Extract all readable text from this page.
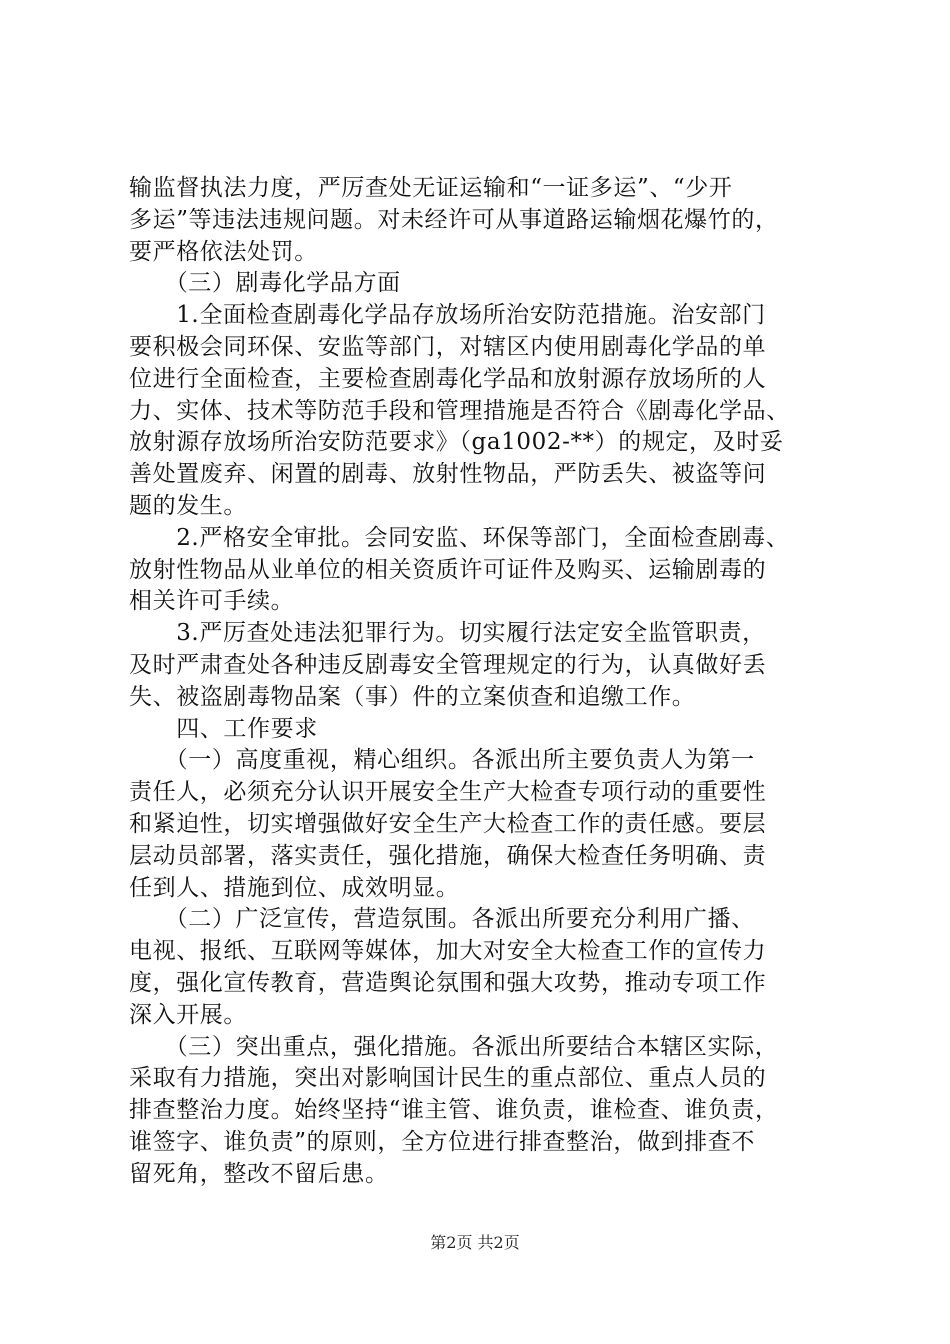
输监督执法力度，严厉查处无证运输和“一证多运”、“少开
多运”等违法违规问题。对未经许可从事道路运输烟花爆竹的，
要严格依法处罚。
　　（三）剧毒化学品方面
　　1.全面检查剧毒化学品存放场所治安防范措施。治安部门
要积极会同环保、安监等部门，对辖区内使用剧毒化学品的单
位进行全面检查，主要检查剧毒化学品和放射源存放场所的人
力、实体、技术等防范手段和管理措施是否符合《剧毒化学品、
放射源存放场所治安防范要求》（ga1002-**）的规定，及时妥
善处置废弃、闲置的剧毒、放射性物品，严防丢失、被盗等问
题的发生。
　　2.严格安全审批。会同安监、环保等部门，全面检查剧毒、
放射性物品从业单位的相关资质许可证件及购买、运输剧毒的
相关许可手续。
　　3.严厉查处违法犯罪行为。切实履行法定安全监管职责，
及时严肃查处各种违反剧毒安全管理规定的行为，认真做好丢
失、被盗剧毒物品案（事）件的立案侦查和追缴工作。
　　四、工作要求
　　（一）高度重视，精心组织。各派出所主要负责人为第一
责任人，必须充分认识开展安全生产大检查专项行动的重要性
和紧迫性，切实增强做好安全生产大检查工作的责任感。要层
层动员部署，落实责任，强化措施，确保大检查任务明确、责
任到人、措施到位、成效明显。
　　（二）广泛宣传，营造氛围。各派出所要充分利用广播、
电视、报纸、互联网等媒体，加大对安全大检查工作的宣传力
度，强化宣传教育，营造舆论氛围和强大攻势，推动专项工作
深入开展。
　　（三）突出重点，强化措施。各派出所要结合本辖区实际，
采取有力措施，突出对影响国计民生的重点部位、重点人员的
排查整治力度。始终坚持“谁主管、谁负责，谁检查、谁负责，
谁签字、谁负责”的原则，全方位进行排查整治，做到排查不
留死角，整改不留后患。
第2页 共2页
